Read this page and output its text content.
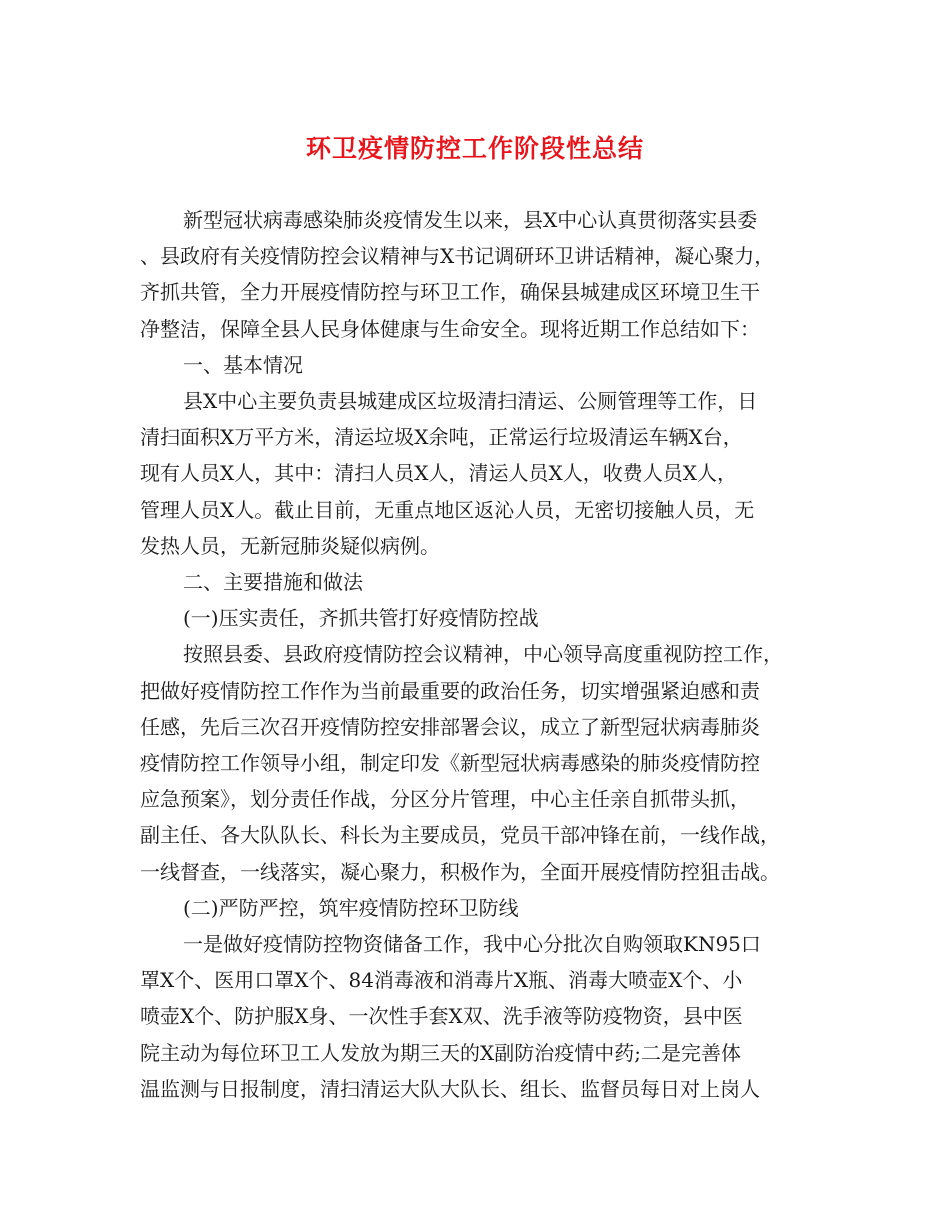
环卫疫情防控工作阶段性总结

新型冠状病毒感染肺炎疫情发生以来，县X中心认真贯彻落实县委

、县政府有关疫情防控会议精神与X书记调研环卫讲话精神，凝心聚力，

齐抓共管，全力开展疫情防控与环卫工作，确保县城建成区环境卫生干

净整洁，保障全县人民身体健康与生命安全。现将近期工作总结如下：

一、基本情况

县X中心主要负责县城建成区垃圾清扫清运、公厕管理等工作，日

清扫面积X万平方米，清运垃圾X余吨，正常运行垃圾清运车辆X台，

现有人员X人，其中：清扫人员X人，清运人员X人，收费人员X人，

管理人员X人。截止目前，无重点地区返沁人员，无密切接触人员，无

发热人员，无新冠肺炎疑似病例。

二、主要措施和做法

(一)压实责任，齐抓共管打好疫情防控战

按照县委、县政府疫情防控会议精神，中心领导高度重视防控工作，

把做好疫情防控工作作为当前最重要的政治任务，切实增强紧迫感和责

任感，先后三次召开疫情防控安排部署会议，成立了新型冠状病毒肺炎

疫情防控工作领导小组，制定印发《新型冠状病毒感染的肺炎疫情防控

应急预案》，划分责任作战，分区分片管理，中心主任亲自抓带头抓，

副主任、各大队队长、科长为主要成员，党员干部冲锋在前，一线作战，

一线督查，一线落实，凝心聚力，积极作为，全面开展疫情防控狙击战。

(二)严防严控，筑牢疫情防控环卫防线

一是做好疫情防控物资储备工作，我中心分批次自购领取KN95口

罩X个、医用口罩X个、84消毒液和消毒片X瓶、消毒大喷壶X个、小

喷壶X个、防护服X身、一次性手套X双、洗手液等防疫物资，县中医

院主动为每位环卫工人发放为期三天的X副防治疫情中药;二是完善体

温监测与日报制度，清扫清运大队大队长、组长、监督员每日对上岗人
